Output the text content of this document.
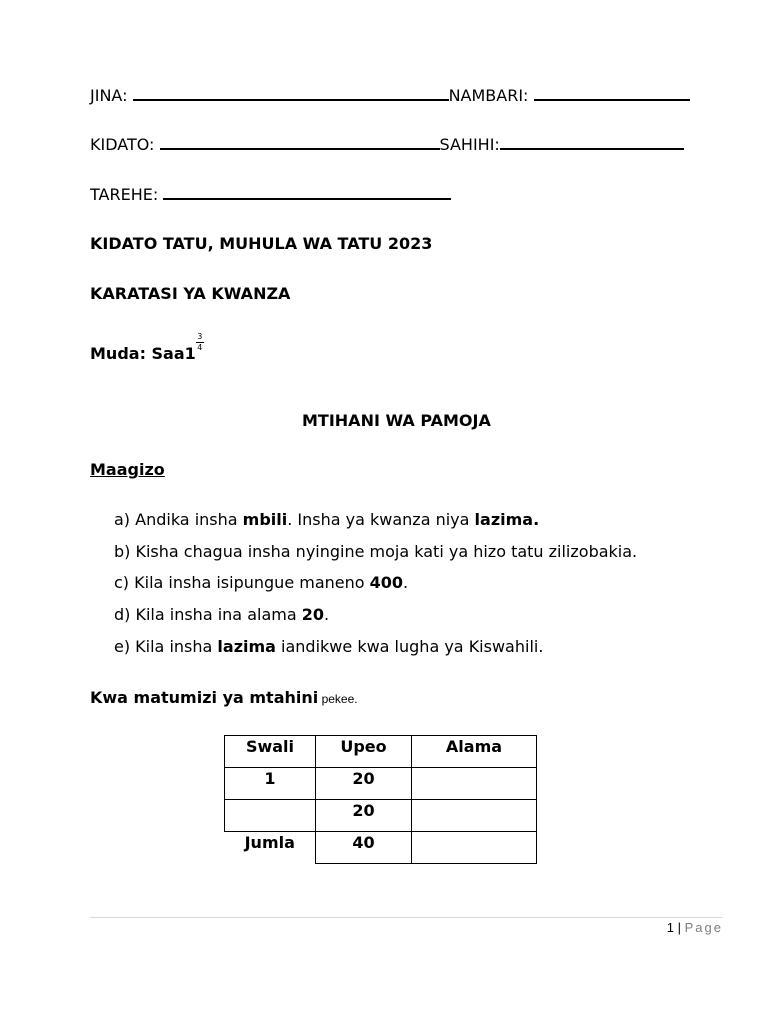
JINA:	NAMBARI:
KIDATO:	SAHIHI:
TAREHE:
KIDATO TATU, MUHULA WA TATU 2023
KARATASI YA KWANZA
Muda: $Saa1 \frac{3}{4}$
MTIHANI WA PAMOJA
Maagizo
a) Andika insha mbili. Insha ya kwanza niya lazima.
b) Kisha chagua insha nyingine moja kati ya hizo tatu zilizobakia.
c) Kila insha isipungue maneno 400.
d) Kila insha ina alama 20.
e) Kila insha lazima iandikwe kwa lugha ya Kiswahili.
Kwa matumizi ya mtahini pekee.
Swali	Upeo	Alama
1	20	
	20	
Jumla	40	
1 | Page
